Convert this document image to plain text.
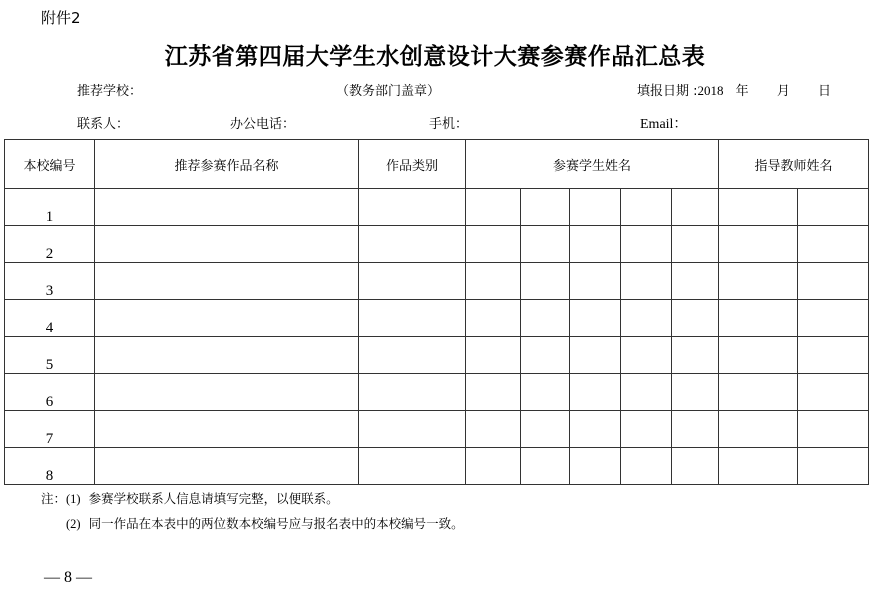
附件2
江苏省第四届大学生水创意设计大赛参赛作品汇总表
推荐学校：	（教务部门盖章）	填报日期 :2018 年 月 日
联系人：	办公电话：	手机：	Email：
本校编号	推荐参赛作品名称	作品类别	参赛学生姓名					指导教师姓名	
1									
2									
3									
4									
5									
6									
7									
8									
注：(1) 参赛学校联系人信息请填写完整，以便联系。
(2) 同一作品在本表中的两位数本校编号应与报名表中的本校编号一致。
— 8 —
